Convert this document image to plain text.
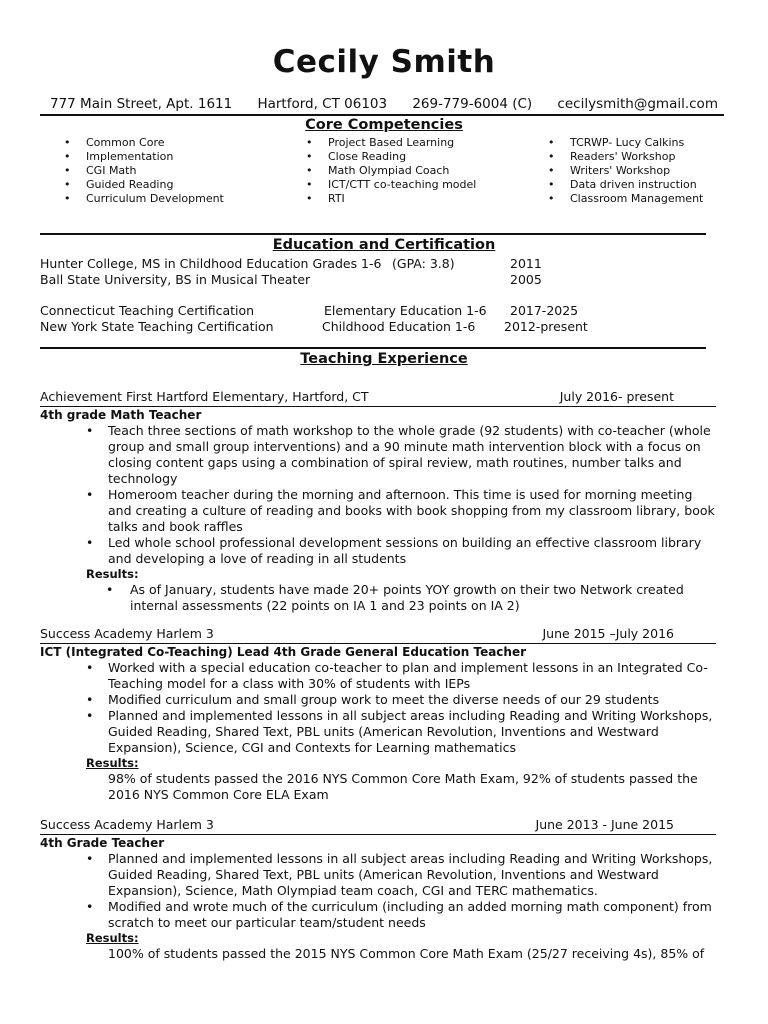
Cecily Smith
777 Main Street, Apt. 1611 Hartford, CT 06103 269-779-6004 (C) cecilysmith@gmail.com
Core Competencies
• Common Core
• Implementation
• CGI Math
• Guided Reading
• Curriculum Development
• Project Based Learning
• Close Reading
• Math Olympiad Coach
• ICT/CTT co-teaching model
• RTI
• TCRWP- Lucy Calkins
• Readers' Workshop
• Writers' Workshop
• Data driven instruction
• Classroom Management
Education and Certification
Hunter College, MS in Childhood Education Grades 1-6 (GPA: 3.8)	2011
Ball State University, BS in Musical Theater	2005
Connecticut Teaching Certification	Elementary Education 1-6 2017-2025
New York State Teaching Certification	Childhood Education 1-6 2012-present
Teaching Experience
Achievement First Hartford Elementary, Hartford, CT	July 2016- present
4th grade Math Teacher
• Teach three sections of math workshop to the whole grade (92 students) with co-teacher (whole group and small group interventions) and a 90 minute math intervention block with a focus on closing content gaps using a combination of spiral review, math routines, number talks and technology
• Homeroom teacher during the morning and afternoon. This time is used for morning meeting and creating a culture of reading and books with book shopping from my classroom library, book talks and book raffles
• Led whole school professional development sessions on building an effective classroom library and developing a love of reading in all students
Results:
• As of January, students have made 20+ points YOY growth on their two Network created internal assessments (22 points on IA 1 and 23 points on IA 2)
Success Academy Harlem 3	June 2015 –July 2016
ICT (Integrated Co-Teaching) Lead 4th Grade General Education Teacher
• Worked with a special education co-teacher to plan and implement lessons in an Integrated Co-Teaching model for a class with 30% of students with IEPs
• Modified curriculum and small group work to meet the diverse needs of our 29 students
• Planned and implemented lessons in all subject areas including Reading and Writing Workshops, Guided Reading, Shared Text, PBL units (American Revolution, Inventions and Westward Expansion), Science, CGI and Contexts for Learning mathematics
Results:
98% of students passed the 2016 NYS Common Core Math Exam, 92% of students passed the 2016 NYS Common Core ELA Exam
Success Academy Harlem 3	June 2013 - June 2015
4th Grade Teacher
• Planned and implemented lessons in all subject areas including Reading and Writing Workshops, Guided Reading, Shared Text, PBL units (American Revolution, Inventions and Westward Expansion), Science, Math Olympiad team coach, CGI and TERC mathematics.
• Modified and wrote much of the curriculum (including an added morning math component) from scratch to meet our particular team/student needs
Results:
100% of students passed the 2015 NYS Common Core Math Exam (25/27 receiving 4s), 85% of
